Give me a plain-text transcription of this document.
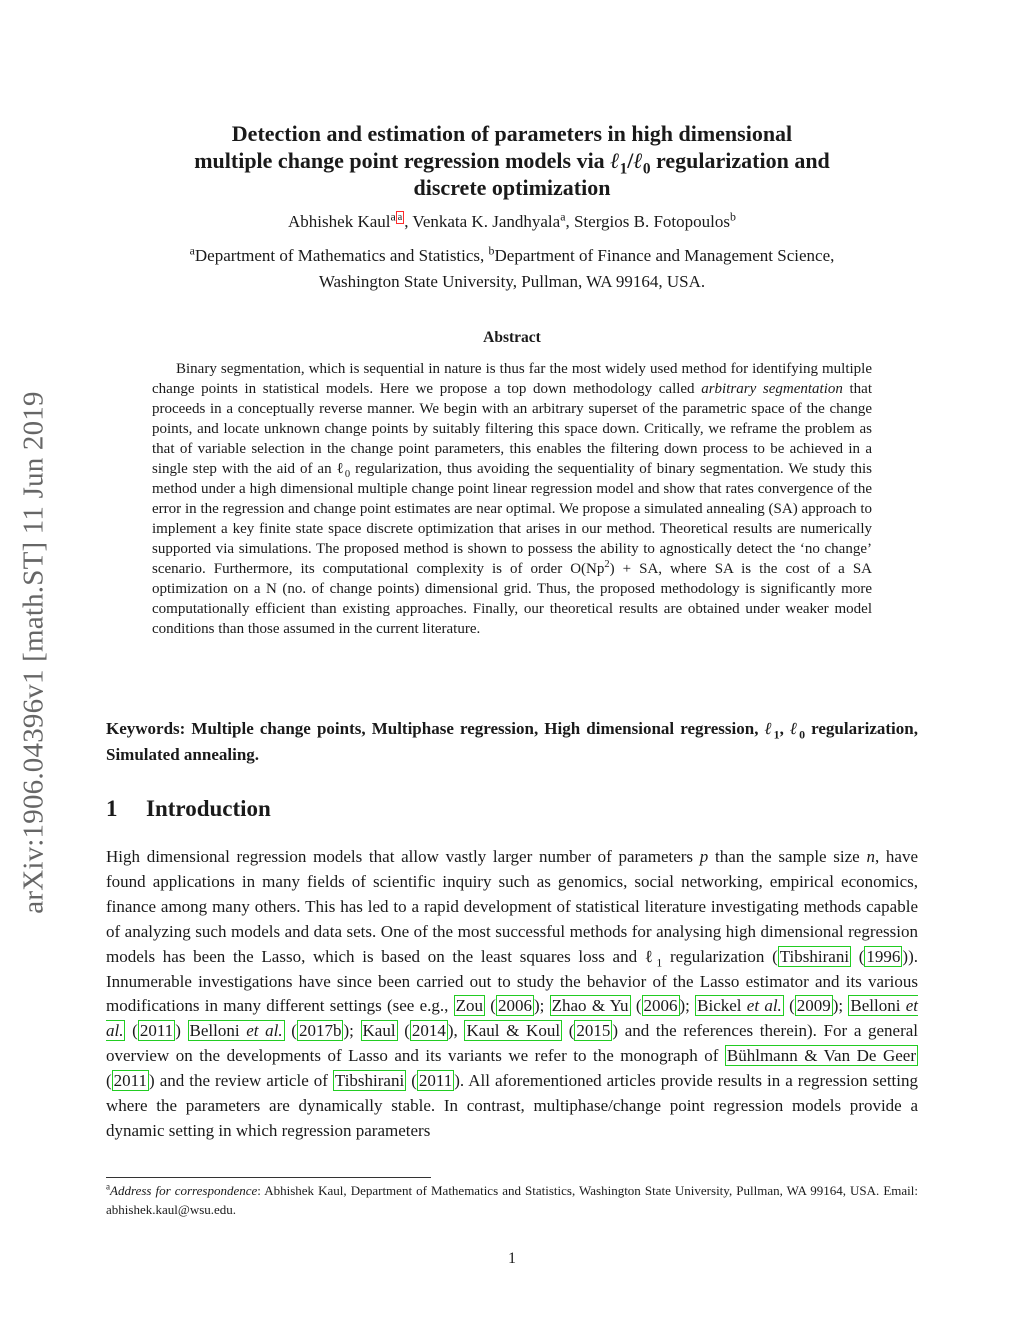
arXiv:1906.04396v1 [math.ST] 11 Jun 2019
Detection and estimation of parameters in high dimensional
multiple change point regression models via ℓ$_1$/ℓ$_0$ regularization and
discrete optimization
Abhishek Kaul$^a$ $^a$ , Venkata K. Jandhyala$^a$, Stergios B. Fotopoulos$^b$
$^a$Department of Mathematics and Statistics, $^b$Department of Finance and Management Science,
Washington State University, Pullman, WA 99164, USA.
Abstract
Binary segmentation, which is sequential in nature is thus far the most widely used method for identifying multiple change points in statistical models. Here we propose a top down methodology called arbitrary segmentation that proceeds in a conceptually reverse manner. We begin with an arbitrary superset of the parametric space of the change points, and locate unknown change points by suitably filtering this space down. Critically, we reframe the problem as that of variable selection in the change point parameters, this enables the filtering down process to be achieved in a single step with the aid of an ℓ$_0$ regularization, thus avoiding the sequentiality of binary segmentation. We study this method under a high dimensional multiple change point linear regression model and show that rates convergence of the error in the regression and change point estimates are near optimal. We propose a simulated annealing (SA) approach to implement a key finite state space discrete optimization that arises in our method. Theoretical results are numerically supported via simulations. The proposed method is shown to possess the ability to agnostically detect the ‘no change’ scenario. Furthermore, its computational complexity is of order $O(Np^2)$ + SA, where SA is the cost of a SA optimization on a N (no. of change points) dimensional grid. Thus, the proposed methodology is significantly more computationally efficient than existing approaches. Finally, our theoretical results are obtained under weaker model conditions than those assumed in the current literature.
Keywords: Multiple change points, Multiphase regression, High dimensional regression, ℓ$_1$, ℓ$_0$ regularization, Simulated annealing.
1 Introduction
High dimensional regression models that allow vastly larger number of parameters p than the sample size n, have found applications in many fields of scientific inquiry such as genomics, social networking, empirical economics, finance among many others. This has led to a rapid development of statistical literature investigating methods capable of analyzing such models and data sets. One of the most successful methods for analysing high dimensional regression models has been the Lasso, which is based on the least squares loss and ℓ$_1$ regularization ( Tibshirani ( 1996 )). Innumerable investigations have since been carried out to study the behavior of the Lasso estimator and its various modifications in many different settings (see e.g., Zou ( 2006 ); Zhao & Yu ( 2006 ); Bickel et al. ( 2009 ); Belloni et al. ( 2011 ) Belloni et al. ( 2017b ); Kaul ( 2014 ), Kaul & Koul ( 2015 ) and the references therein). For a general overview on the developments of Lasso and its variants we refer to the monograph of Bühlmann & Van De Geer ( 2011 ) and the review article of Tibshirani ( 2011 ). All aforementioned articles provide results in a regression setting where the parameters are dynamically stable. In contrast, multiphase/change point regression models provide a dynamic setting in which regression parameters
$^a$Address for correspondence: Abhishek Kaul, Department of Mathematics and Statistics, Washington State University, Pullman, WA 99164, USA. Email: abhishek.kaul@wsu.edu.
1
